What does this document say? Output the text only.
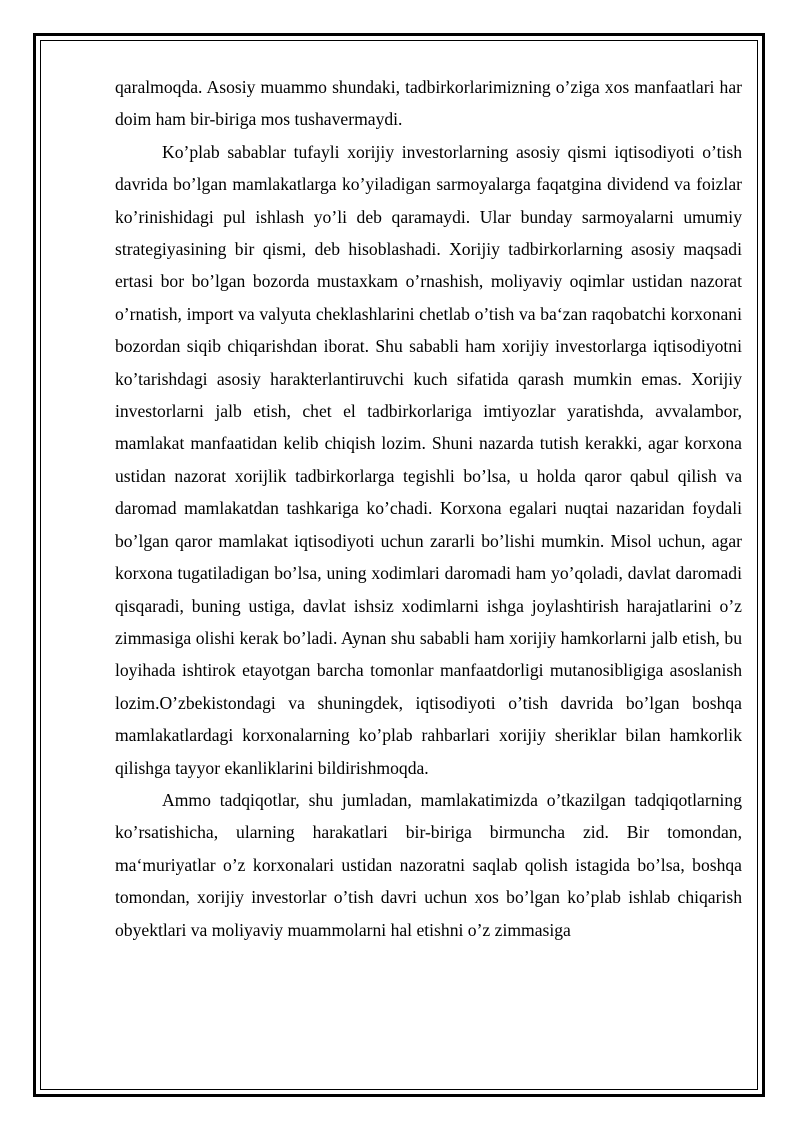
qaralmoqda. Asosiy muammo shundaki, tadbirkorlarimizning o’ziga xos manfaatlari har doim ham bir-biriga mos tushavermaydi.

Ko’plab sabablar tufayli xorijiy investorlarning asosiy qismi iqtisodiyoti o’tish davrida bo’lgan mamlakatlarga ko’yiladigan sarmoyalarga faqatgina dividend va foizlar ko’rinishidagi pul ishlash yo’li deb qaramaydi. Ular bunday sarmoyalarni umumiy strategiyasining bir qismi, deb hisoblashadi. Xorijiy tadbirkorlarning asosiy maqsadi ertasi bor bo’lgan bozorda mustaxkam o’rnashish, moliyaviy oqimlar ustidan nazorat o’rnatish, import va valyuta cheklashlarini chetlab o’tish va ba‘zan raqobatchi korxonani bozordan siqib chiqarishdan iborat. Shu sababli ham xorijiy investorlarga iqtisodiyotni ko’tarishdagi asosiy harakterlantiruvchi kuch sifatida qarash mumkin emas. Xorijiy investorlarni jalb etish, chet el tadbirkorlariga imtiyozlar yaratishda, avvalambor, mamlakat manfaatidan kelib chiqish lozim. Shuni nazarda tutish kerakki, agar korxona ustidan nazorat xorijlik tadbirkorlarga tegishli bo’lsa, u holda qaror qabul qilish va daromad mamlakatdan tashkariga ko’chadi. Korxona egalari nuqtai nazaridan foydali bo’lgan qaror mamlakat iqtisodiyoti uchun zararli bo’lishi mumkin. Misol uchun, agar korxona tugatiladigan bo’lsa, uning xodimlari daromadi ham yo’qoladi, davlat daromadi qisqaradi, buning ustiga, davlat ishsiz xodimlarni ishga joylashtirish harajatlarini o’z zimmasiga olishi kerak bo’ladi. Aynan shu sababli ham xorijiy hamkorlarni jalb etish, bu loyihada ishtirok etayotgan barcha tomonlar manfaatdorligi mutanosibligiga asoslanish lozim.O’zbekistondagi va shuningdek, iqtisodiyoti o’tish davrida bo’lgan boshqa mamlakatlardagi korxonalarning ko’plab rahbarlari xorijiy sheriklar bilan hamkorlik qilishga tayyor ekanliklarini bildirishmoqda.

Ammo tadqiqotlar, shu jumladan, mamlakatimizda o’tkazilgan tadqiqotlarning ko’rsatishicha, ularning harakatlari bir-biriga birmuncha zid. Bir tomondan, ma‘muriyatlar o’z korxonalari ustidan nazoratni saqlab qolish istagida bo’lsa, boshqa tomondan, xorijiy investorlar o’tish davri uchun xos bo’lgan ko’plab ishlab chiqarish obyektlari va moliyaviy muammolarni hal etishni o’z zimmasiga
